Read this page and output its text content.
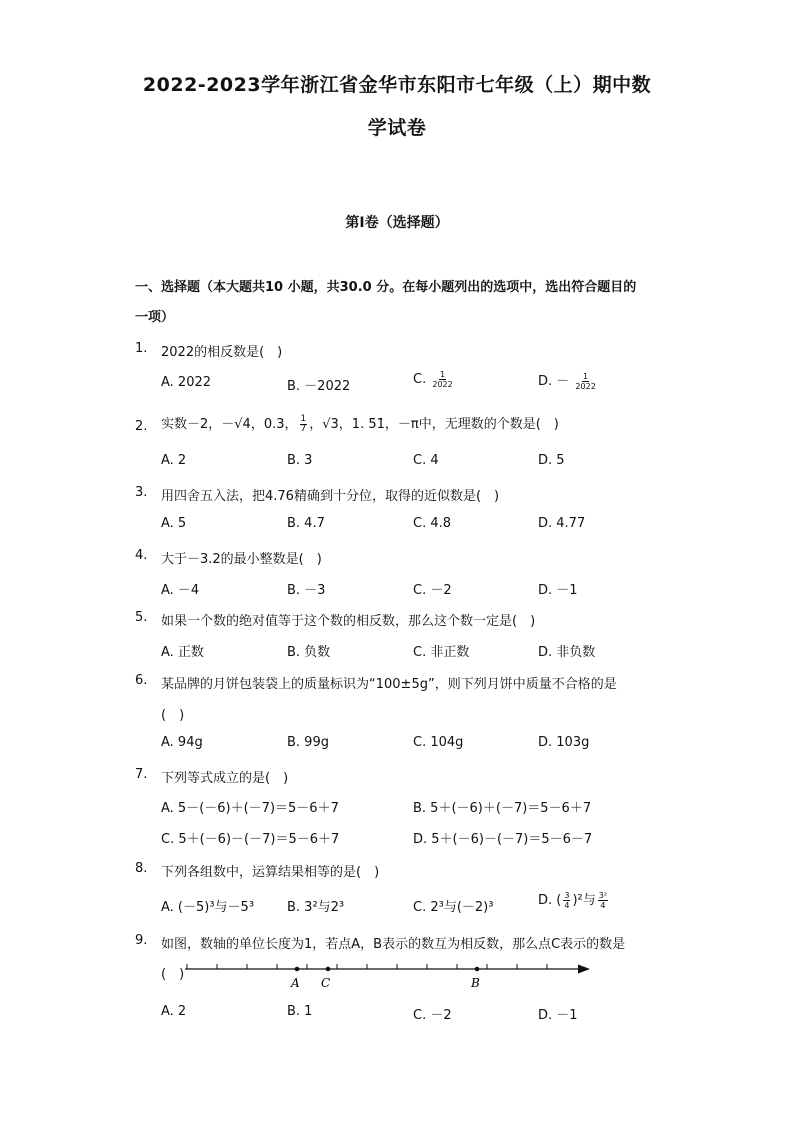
2022-2023学年浙江省金华市东阳市七年级（上）期中数
学试卷
第I卷（选择题）
一、选择题（本大题共10 小题，共30.0 分。在每小题列出的选项中，选出符合题目的
一项）
1. 2022的相反数是(　)
A. 2022	B. －2022	C. $\frac{1}{2022}$	D. － $\frac{1}{2022}$
2. 实数－2，－√4，0.3， $\frac{1}{7}$ ，√3，1. 5̇1̇，－π中，无理数的个数是(　)
A. 2	B. 3	C. 4	D. 5
3. 用四舍五入法，把4.76精确到十分位，取得的近似数是(　)
A. 5	B. 4.7	C. 4.8	D. 4.77
4. 大于－3.2的最小整数是(　)
A. －4	B. －3	C. －2	D. －1
5. 如果一个数的绝对值等于这个数的相反数，那么这个数一定是(　)
A. 正数	B. 负数	C. 非正数	D. 非负数
6. 某品牌的月饼包装袋上的质量标识为“100±5g”，则下列月饼中质量不合格的是
(　)
A. 94g	B. 99g	C. 104g	D. 103g
7. 下列等式成立的是(　)
A. 5－(－6)＋(－7)＝5－6＋7	B. 5＋(－6)＋(－7)＝5－6＋7
C. 5＋(－6)－(－7)＝5－6＋7	D. 5＋(－6)－(－7)＝5－6－7
8. 下列各组数中，运算结果相等的是(　)
A. (－5)³与－5³	B. 3²与2³	C. 2³与(－2)³	D. ( $\frac{3}{4} )^2$与 $\frac{\text{3²}}{4}$
9. 如图，数轴的单位长度为1，若点A，B表示的数互为相反数，那么点C表示的数是
(　)
A C	B
A. 2	B. 1	C. －2	D. －1
